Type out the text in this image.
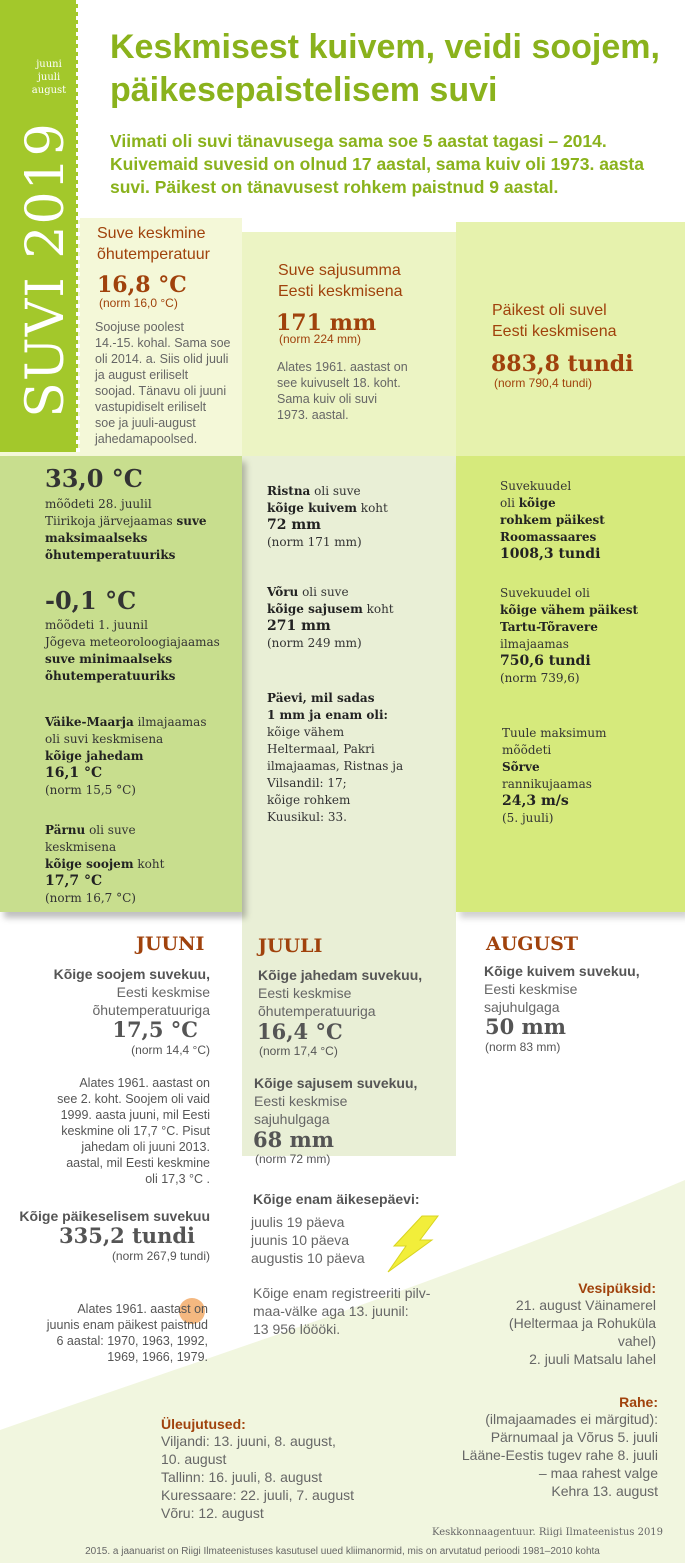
juuni
juuli
august
SUVI 2019
Keskmisest kuivem, veidi soojem, päikesepaistelisem suvi
Viimati oli suvi tänavusega sama soe 5 aastat tagasi – 2014. Kuivemaid suvesid on olnud 17 aastal, sama kuiv oli 1973. aasta suvi. Päikest on tänavusest rohkem paistnud 9 aastal.
Suve keskmine
õhutemperatuur
16,8 °C
(norm 16,0 °C)
Soojuse poolest
14.-15. kohal. Sama soe
oli 2014. a. Siis olid juuli
ja august eriliselt
soojad. Tänavu oli juuni
vastupidiselt eriliselt
soe ja juuli-august
jahedamapoolsed.
Suve sajusumma
Eesti keskmisena
171 mm
(norm 224 mm)
Alates 1961. aastast on
see kuivuselt 18. koht.
Sama kuiv oli suvi
1973. aastal.
Päikest oli suvel
Eesti keskmisena
883,8 tundi
(norm 790,4 tundi)
33,0 °C
mõõdeti 28. juulil
Tiirikoja järvejaamas suve
maksimaalseks
õhutemperatuuriks
-0,1 °C
mõõdeti 1. juunil
Jõgeva meteoroloogiajaamas
suve minimaalseks
õhutemperatuuriks
Väike-Maarja ilmajaamas
oli suvi keskmisena
kõige jahedam
16,1 °C
(norm 15,5 °C)
Pärnu oli suve
keskmisena
kõige soojem koht
17,7 °C
(norm 16,7 °C)
Ristna oli suve
kõige kuivem koht
72 mm
(norm 171 mm)
Võru oli suve
kõige sajusem koht
271 mm
(norm 249 mm)
Päevi, mil sadas
1 mm ja enam oli:
kõige vähem
Heltermaal, Pakri
ilmajaamas, Ristnas ja
Vilsandil: 17;
kõige rohkem
Kuusikul: 33.
Suvekuudel
oli kõige
rohkem päikest
Roomassaares
1008,3 tundi
Suvekuudel oli
kõige vähem päikest
Tartu-Tõravere
ilmajaamas
750,6 tundi
(norm 739,6)
Tuule maksimum
mõõdeti
Sõrve
rannikujaamas
24,3 m/s
(5. juuli)
JUUNI
Kõige soojem suvekuu,
Eesti keskmise
õhutemperatuuriga
17,5 °C
(norm 14,4 °C)
Alates 1961. aastast on
see 2. koht. Soojem oli vaid
1999. aasta juuni, mil Eesti
keskmine oli 17,7 °C. Pisut
jahedam oli juuni 2013.
aastal, mil Eesti keskmine
oli 17,3 °C .
Kõige päikeselisem suvekuu
335,2 tundi
(norm 267,9 tundi)
Alates 1961. aastast on
juunis enam päikest paistnud
6 aastal: 1970, 1963, 1992,
1969, 1966, 1979.
JUULI
Kõige jahedam suvekuu,
Eesti keskmise
õhutemperatuuriga
16,4 °C
(norm 17,4 °C)
Kõige sajusem suvekuu,
Eesti keskmise
sajuhulgaga
68 mm
(norm 72 mm)
Kõige enam äikesepäevi:
juulis 19 päeva
juunis 10 päeva
augustis 10 päeva
Kõige enam registreeriti pilv-
maa-välke aga 13. juunil:
13 956 löööki.
AUGUST
Kõige kuivem suvekuu,
Eesti keskmise
sajuhulgaga
50 mm
(norm 83 mm)
Vesipüksid:
21. august Väinamerel
(Heltermaa ja Rohuküla
vahel)
2. juuli Matsalu lahel
Rahe:
(ilmajaamades ei märgitud):
Pärnumaal ja Võrus 5. juuli
Lääne-Eestis tugev rahe 8. juuli
– maa rahest valge
Kehra 13. august
Üleujutused:
Viljandi: 13. juuni, 8. august,
10. august
Tallinn: 16. juuli, 8. august
Kuressaare: 22. juuli, 7. august
Võru: 12. august
Keskkonnaagentuur. Riigi Ilmateenistus 2019
2015. a jaanuarist on Riigi Ilmateenistuses kasutusel uued kliimanormid, mis on arvutatud perioodi 1981–2010 kohta
